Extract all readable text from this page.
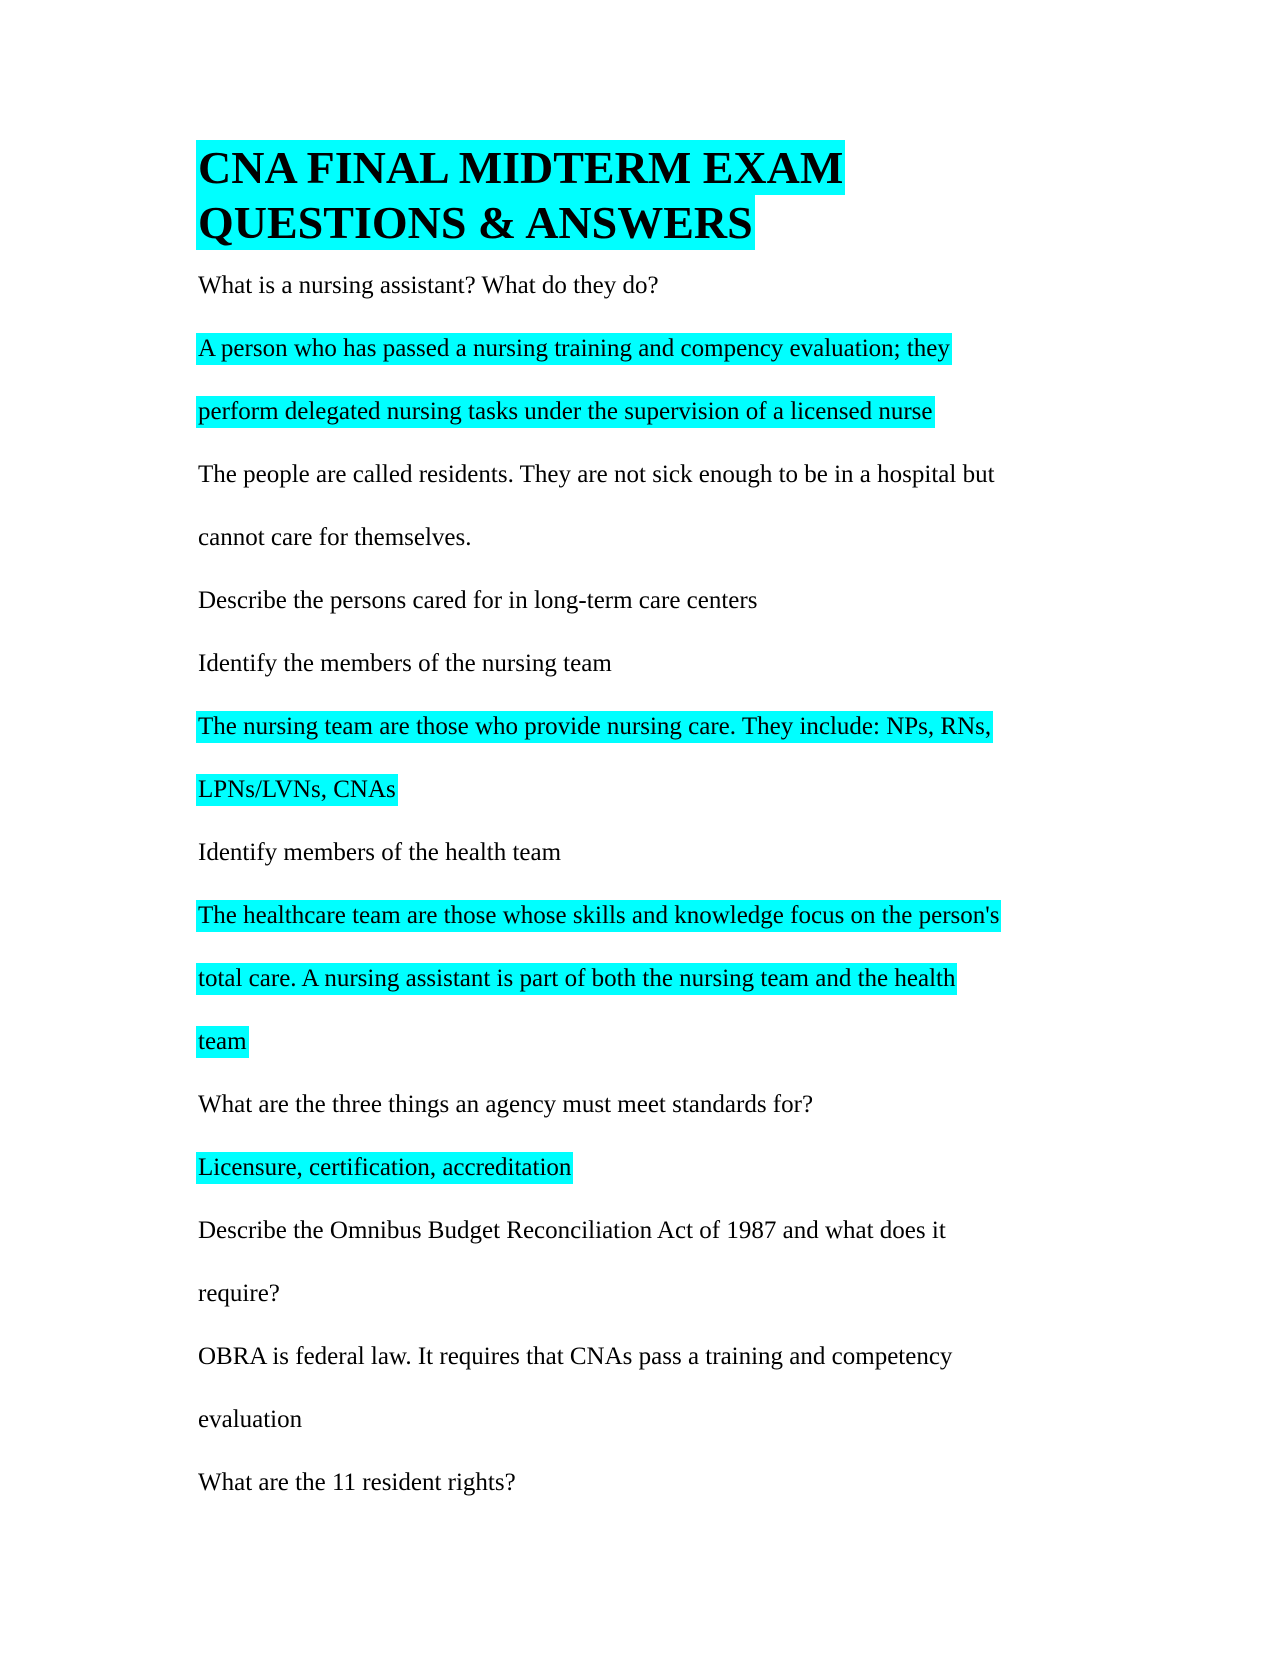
CNA FINAL MIDTERM EXAM
QUESTIONS & ANSWERS

What is a nursing assistant? What do they do?

A person who has passed a nursing training and compency evaluation; they

perform delegated nursing tasks under the supervision of a licensed nurse

The people are called residents. They are not sick enough to be in a hospital but

cannot care for themselves.

Describe the persons cared for in long-term care centers

Identify the members of the nursing team

The nursing team are those who provide nursing care. They include: NPs, RNs,

LPNs/LVNs, CNAs

Identify members of the health team

The healthcare team are those whose skills and knowledge focus on the person's

total care. A nursing assistant is part of both the nursing team and the health

team

What are the three things an agency must meet standards for?

Licensure, certification, accreditation

Describe the Omnibus Budget Reconciliation Act of 1987 and what does it

require?

OBRA is federal law. It requires that CNAs pass a training and competency

evaluation

What are the 11 resident rights?
